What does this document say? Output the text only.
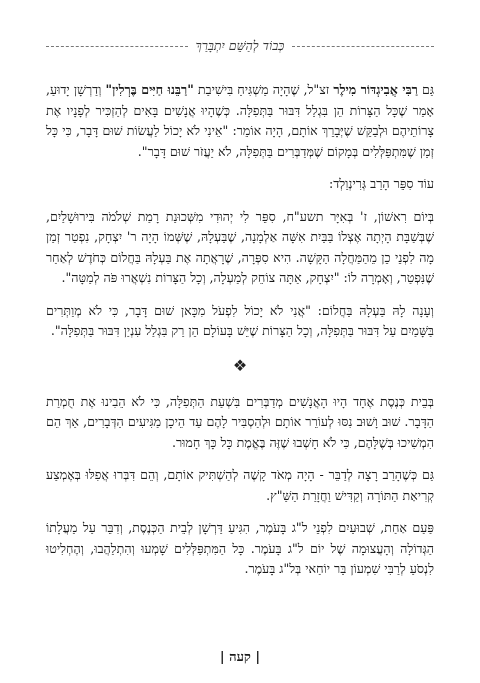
כְּבוֹד לְהַשֵּׁם יִתְבָּרַךְ

גַּם רַבִּי אֲבִיגְדּוֹר מִילֶר זצ"ל, שֶׁהָיָה מַשְׁגִּיחַ בִּישִׁיבַת "רַבֵּנוּ חַיִּים בֶּרְלִין" וְדַרְשָׁן יָדוּעַ, אָמַר שֶׁכָּל הַצָּרוֹת הֵן בִּגְלַל דִּבּוּר בַּתְּפִלָּה. כְּשֶׁהָיוּ אֲנָשִׁים בָּאִים לְהַזְכִּיר לְפָנָיו אֶת צָרוֹתֵיהֶם וּלְבַקֵּשׁ שֶׁיְּבָרֵךְ אוֹתָם, הָיָה אוֹמֵר: "אֵינִי לֹא יָכוֹל לַעֲשׂוֹת שׁוּם דָּבָר, כִּי כָּל זְמַן שֶׁמִּתְפַּלְּלִים בְּמָקוֹם שֶׁמְּדַבְּרִים בַּתְּפִלָּה, לֹא יַעֲזֹר שׁוּם דָּבָר".

עוֹד סִפֵּר הָרַב גְּרִינְוַלְד:

בְּיוֹם רִאשׁוֹן, ז' בְּאִיָּר תשע"ח, סִפֵּר לִי יְהוּדִי מִשְּׁכוּנַת רָמַת שְׁלֹמֹה בִּירוּשָׁלַיִם, שֶׁבְּשַׁבָּת הָיְתָה אֶצְלוֹ בַּבַּיִת אִשָּׁה אַלְמָנָה, שֶׁבַּעְלָהּ, שֶׁשְּׁמוֹ הָיָה ר' יִצְחָק, נִפְטַר זְמַן מָה לִפְנֵי כֵן מֵהַמַּחֲלָה הַקָּשָׁה. הִיא סִפְּרָה, שֶׁרָאֲתָה אֶת בַּעְלָהּ בַּחֲלוֹם כְּחֹדֶשׁ לְאַחַר שֶׁנִּפְטַר, וְאָמְרָה לוֹ: "יִצְחָק, אַתָּה צוֹחֵק לְמַעְלָה, וְכָל הַצָּרוֹת נִשְׁאֲרוּ פֹּה לְמַטָּה".

וְעָנָה לָהּ בַּעְלָהּ בַּחֲלוֹם: "אֲנִי לֹא יָכוֹל לִפְעֹל מִכָּאן שׁוּם דָּבָר, כִּי לֹא מְוַתְּרִים בַּשָּׁמַיִם עַל דִּבּוּר בַּתְּפִלָּה, וְכָל הַצָּרוֹת שֶׁיֵּשׁ בָּעוֹלָם הֵן רַק בִּגְלַל עִנְיַן דִּבּוּר בַּתְּפִלָּה".

❖

בְּבֵית כְּנֶסֶת אֶחָד הָיוּ הָאֲנָשִׁים מְדַבְּרִים בִּשְׁעַת הַתְּפִלָּה, כִּי לֹא הֵבִינוּ אֶת חֻמְרַת הַדָּבָר. שׁוּב וָשׁוּב נִסּוּ לְעוֹרֵר אוֹתָם וּלְהַסְבִּיר לָהֶם עַד הֵיכָן מַגִּיעִים הַדְּבָרִים, אַךְ הֵם הִמְשִׁיכוּ בְּשֶׁלָּהֶם, כִּי לֹא חָשְׁבוּ שֶׁזֶּה בֶּאֱמֶת כָּל כָּךְ חָמוּר.

גַּם כְּשֶׁהָרַב רָצָה לְדַבֵּר - הָיָה מְאֹד קָשֶׁה לְהַשְׁתִּיק אוֹתָם, וְהֵם דִּבְּרוּ אֲפִלּוּ בְּאֶמְצַע קְרִיאַת הַתּוֹרָה וְקַדִּישׁ וַחֲזָרַת הַשַּׁ"ץ.

פַּעַם אַחַת, שְׁבוּעַיִם לִפְנֵי ל"ג בָּעֹמֶר, הִגִּיעַ דַּרְשָׁן לְבֵית הַכְּנֶסֶת, וְדִבֵּר עַל מַעֲלָתוֹ הַגְּדוֹלָה וְהָעֲצוּמָה שֶׁל יוֹם ל"ג בָּעֹמֶר. כָּל הַמִּתְפַּלְּלִים שָׁמְעוּ וְהִתְלַהֲבוּ, וְהֶחְלִיטוּ לִנְסֹעַ לְרַבִּי שִׁמְעוֹן בַּר יוֹחַאי בְּל"ג בָּעֹמֶר.

| קעה |
